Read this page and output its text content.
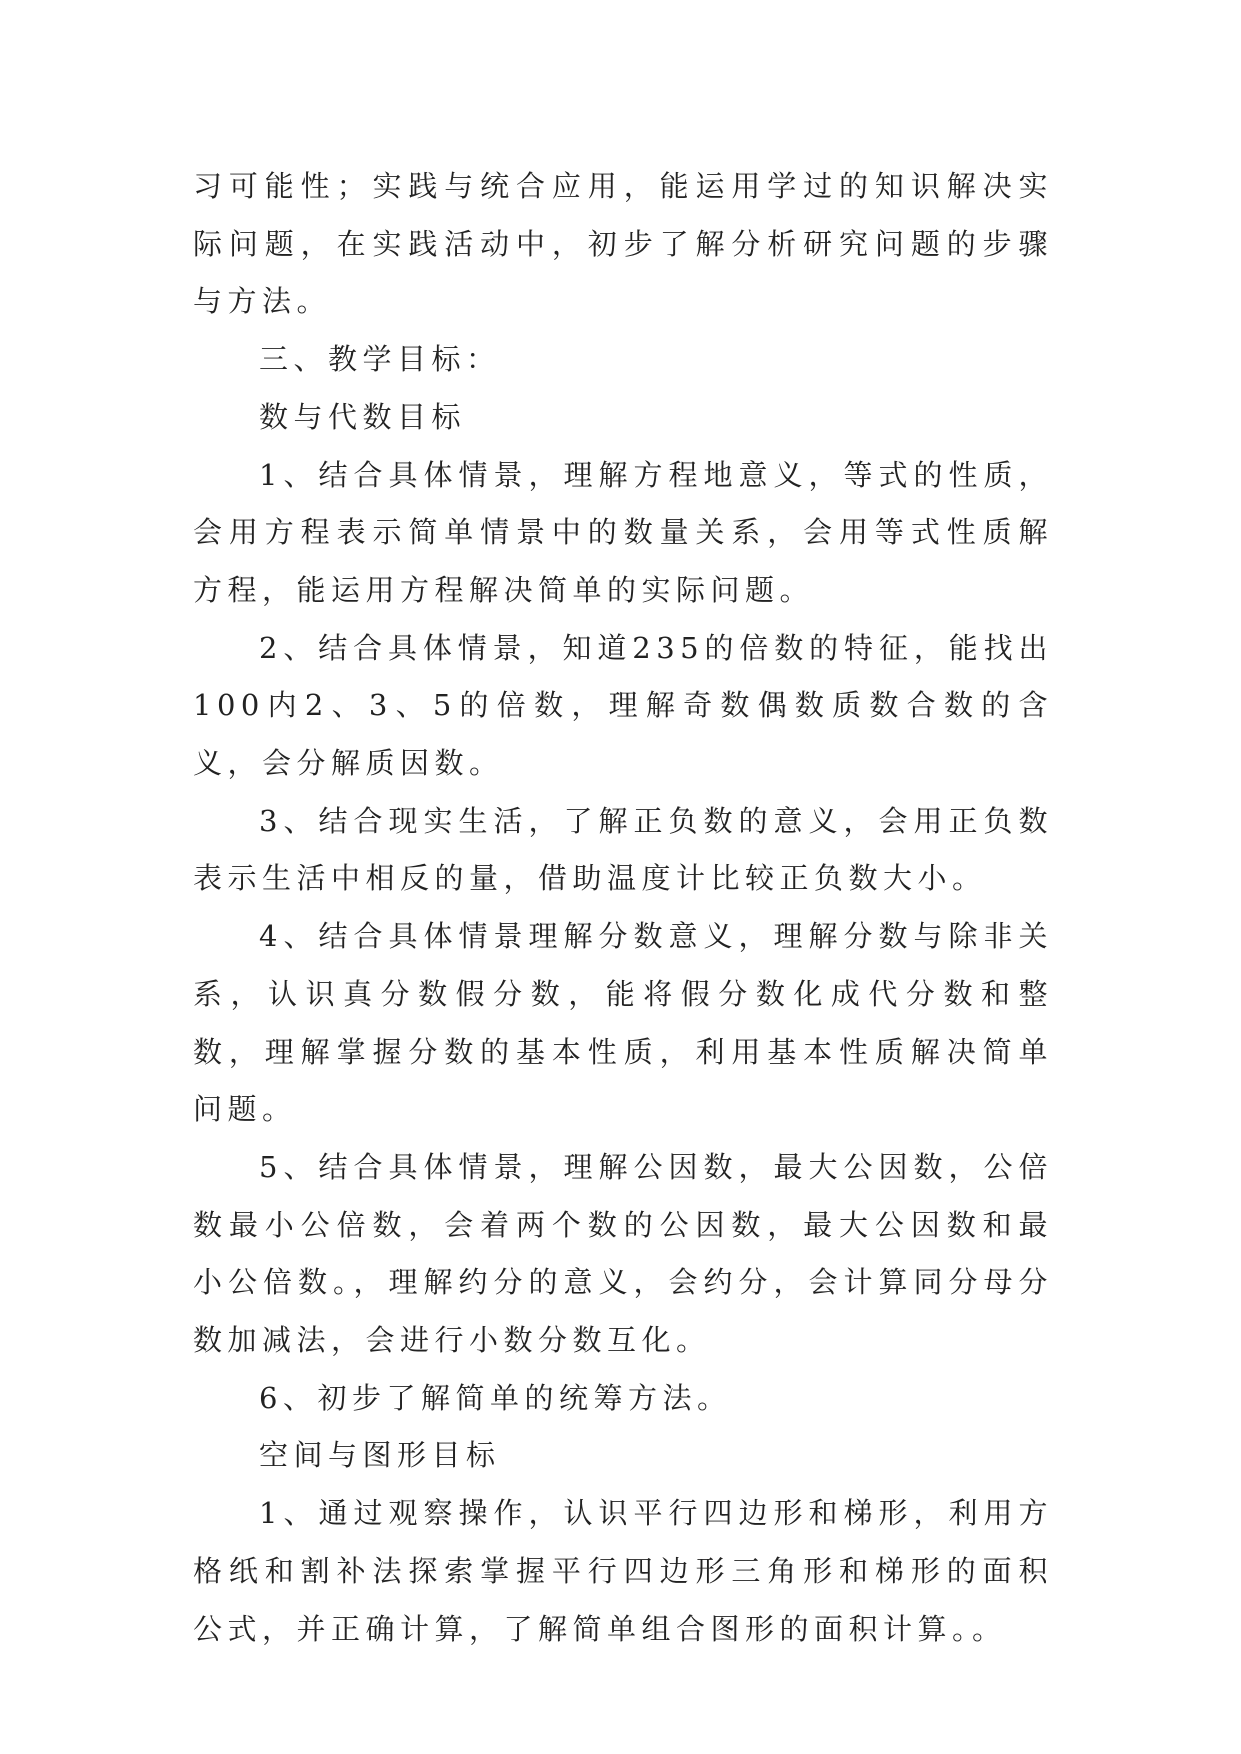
习可能性；实践与统合应用，能运用学过的知识解决实际问题，在实践活动中，初步了解分析研究问题的步骤与方法。

三、教学目标：

数与代数目标

1、结合具体情景，理解方程地意义，等式的性质，会用方程表示简单情景中的数量关系，会用等式性质解方程，能运用方程解决简单的实际问题。

2、结合具体情景，知道235的倍数的特征，能找出100内2、3、5的倍数，理解奇数偶数质数合数的含义，会分解质因数。

3、结合现实生活，了解正负数的意义，会用正负数表示生活中相反的量，借助温度计比较正负数大小。

4、结合具体情景理解分数意义，理解分数与除非关系，认识真分数假分数，能将假分数化成代分数和整数，理解掌握分数的基本性质，利用基本性质解决简单问题。

5、结合具体情景，理解公因数，最大公因数，公倍数最小公倍数，会着两个数的公因数，最大公因数和最小公倍数。，理解约分的意义，会约分，会计算同分母分数加减法，会进行小数分数互化。

6、初步了解简单的统筹方法。

空间与图形目标

1、通过观察操作，认识平行四边形和梯形，利用方格纸和割补法探索掌握平行四边形三角形和梯形的面积公式，并正确计算，了解简单组合图形的面积计算。。
